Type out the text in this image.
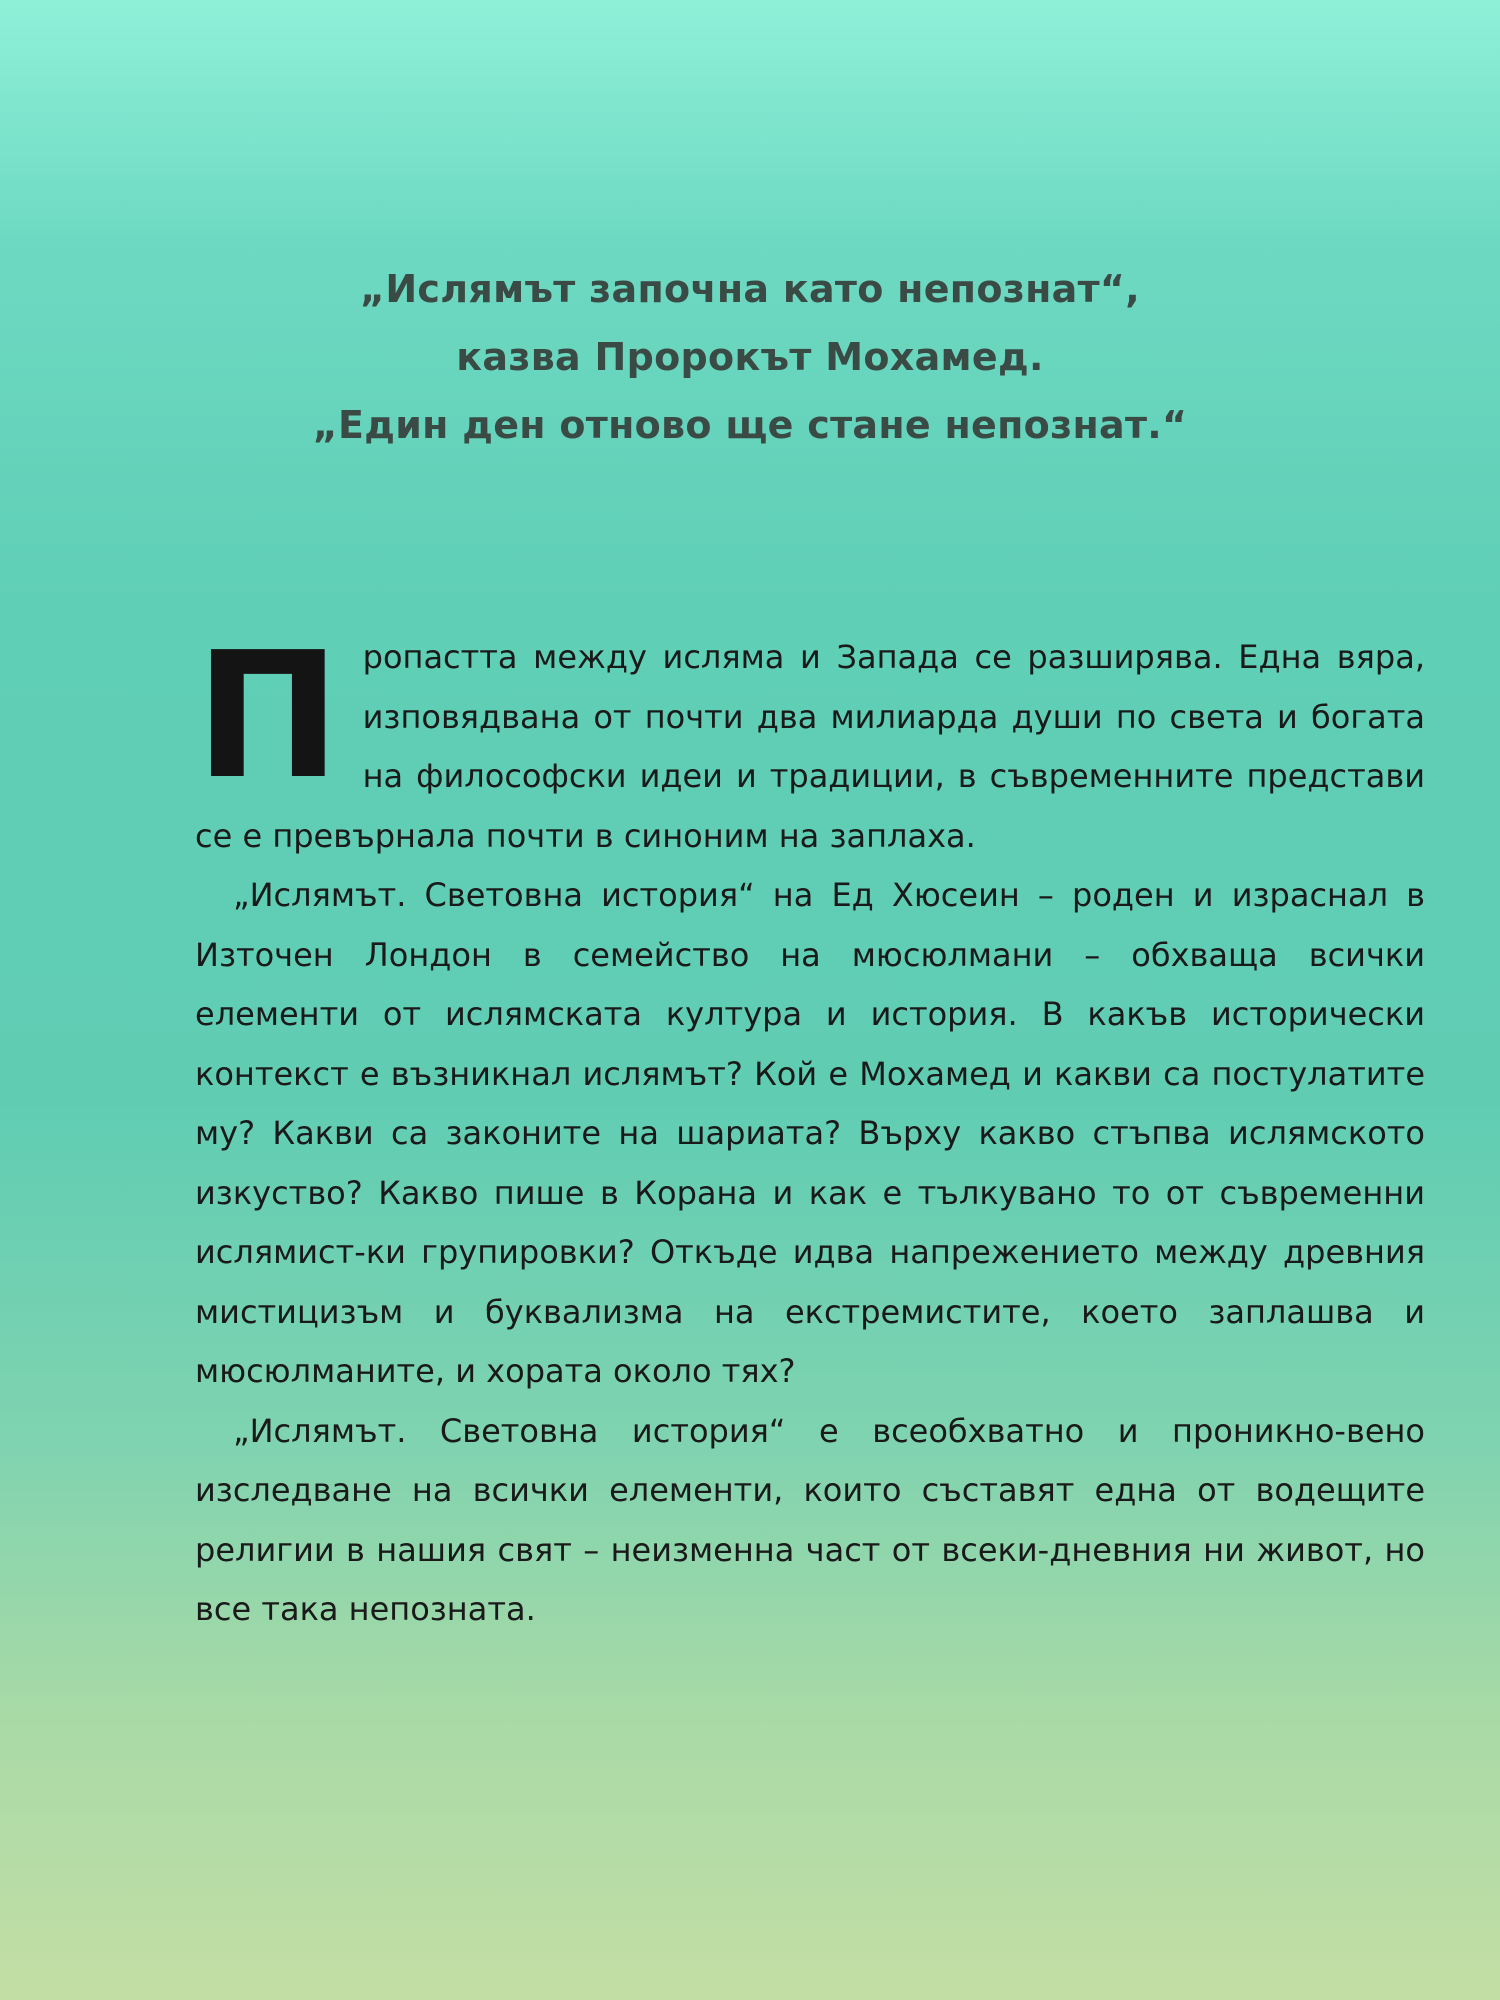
„Ислямът започна като непознат“,
казва Пророкът Мохамед.
„Един ден отново ще стане непознат.“

Пропастта между исляма и Запада се разширява. Една вяра, изповядвана от почти два милиарда души по света и богата на философски идеи и традиции, в съвременните представи се е превърнала почти в синоним на заплаха.

„Ислямът. Световна история“ на Ед Хюсеин – роден и израснал в Източен Лондон в семейство на мюсюлмани – обхваща всички елементи от ислямската култура и история. В какъв исторически контекст е възникнал ислямът? Кой е Мохамед и какви са постулатите му? Какви са законите на шариата? Върху какво стъпва ислямското изкуство? Какво пише в Корана и как е тълкувано то от съвременни ислямист-ки групировки? Откъде идва напрежението между древния мистицизъм и буквализма на екстремистите, което заплашва и мюсюлманите, и хората около тях?

„Ислямът. Световна история“ е всеобхватно и проникно-вено изследване на всички елементи, които съставят една от водещите религии в нашия свят – неизменна част от всеки-дневния ни живот, но все така непозната.
